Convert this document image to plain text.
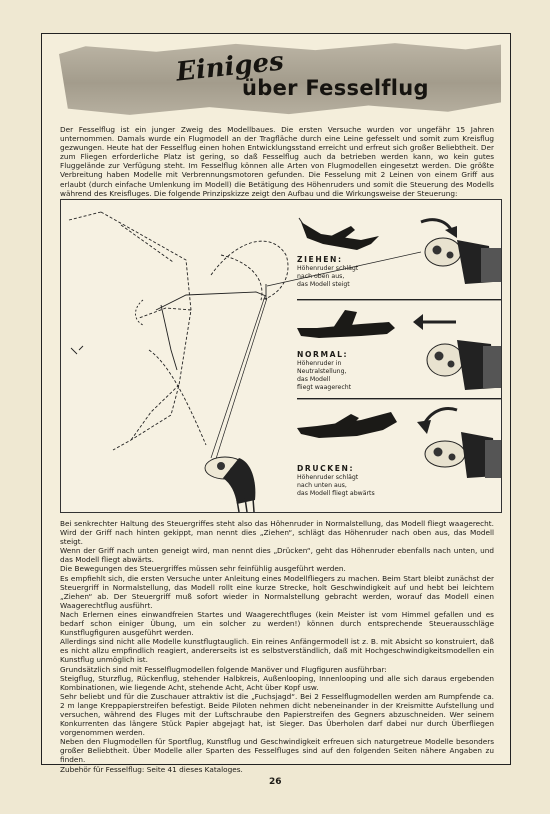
Einiges
über Fesselflug
Der Fesselflug ist ein junger Zweig des Modellbaues. Die ersten Versuche wurden vor ungefähr 15 Jahren unternommen. Damals wurde ein Flugmodell an der Tragfläche durch eine Leine gefesselt und somit zum Kreisflug gezwungen. Heute hat der Fesselflug einen hohen Entwicklungsstand erreicht und erfreut sich großer Beliebtheit. Der zum Fliegen erforderliche Platz ist gering, so daß Fesselflug auch da betrieben werden kann, wo kein gutes Fluggelände zur Verfügung steht. Im Fesselflug können alle Arten von Flugmodellen eingesetzt werden. Die größte Verbreitung haben Modelle mit Verbrennungsmotoren gefunden. Die Fesselung mit 2 Leinen von einem Griff aus erlaubt (durch einfache Umlenkung im Modell) die Betätigung des Höhenruders und somit die Steuerung des Modells während des Kreisfluges. Die folgende Prinzipskizze zeigt den Aufbau und die Wirkungsweise der Steuerung:
ZIEHEN:
Höhenruder schlägt
nach oben aus,
das Modell steigt
NORMAL:
Höhenruder in
Neutralstellung,
das Modell
fliegt waagerecht
DRUCKEN:
Höhenruder schlägt
nach unten aus,
das Modell fliegt abwärts
Bei senkrechter Haltung des Steuergriffes steht also das Höhenruder in Normalstellung, das Modell fliegt waagerecht. Wird der Griff nach hinten gekippt, man nennt dies „Ziehen“, schlägt das Höhenruder nach oben aus, das Modell steigt.
Wenn der Griff nach unten geneigt wird, man nennt dies „Drücken“, geht das Höhenruder ebenfalls nach unten, und das Modell fliegt abwärts.
Die Bewegungen des Steuergriffes müssen sehr feinfühlig ausgeführt werden.
Es empfiehlt sich, die ersten Versuche unter Anleitung eines Modellfliegers zu machen. Beim Start bleibt zunächst der Steuergriff in Normalstellung, das Modell rollt eine kurze Strecke, holt Geschwindigkeit auf und hebt bei leichtem „Ziehen“ ab. Der Steuergriff muß sofort wieder in Normalstellung gebracht werden, worauf das Modell einen Waagerechtflug ausführt.
Nach Erlernen eines einwandfreien Startes und Waagerechtfluges (kein Meister ist vom Himmel gefallen und es bedarf schon einiger Übung, um ein solcher zu werden!) können durch entsprechende Steuerausschläge Kunstflugfiguren ausgeführt werden.
Allerdings sind nicht alle Modelle kunstflugtauglich. Ein reines Anfängermodell ist z. B. mit Absicht so konstruiert, daß es nicht allzu empfindlich reagiert, andererseits ist es selbstverständlich, daß mit Hochgeschwindigkeitsmodellen ein Kunstflug unmöglich ist.
Grundsätzlich sind mit Fesselflugmodellen folgende Manöver und Flugfiguren ausführbar:
Steigflug, Sturzflug, Rückenflug, stehender Halbkreis, Außenlooping, Innenlooping und alle sich daraus ergebenden Kombinationen, wie liegende Acht, stehende Acht, Acht über Kopf usw.
Sehr beliebt und für die Zuschauer attraktiv ist die „Fuchsjagd“. Bei 2 Fesselflugmodellen werden am Rumpfende ca. 2 m lange Kreppapierstreifen befestigt. Beide Piloten nehmen dicht nebeneinander in der Kreismitte Aufstellung und versuchen, während des Fluges mit der Luftschraube den Papierstreifen des Gegners abzuschneiden. Wer seinem Konkurrenten das längere Stück Papier abgejagt hat, ist Sieger. Das Überholen darf dabei nur durch Überfliegen vorgenommen werden.
Neben den Flugmodellen für Sportflug, Kunstflug und Geschwindigkeit erfreuen sich naturgetreue Modelle besonders großer Beliebtheit. Über Modelle aller Sparten des Fesselfluges sind auf den folgenden Seiten nähere Angaben zu finden.
Zubehör für Fesselflug: Seite 41 dieses Kataloges.
26
